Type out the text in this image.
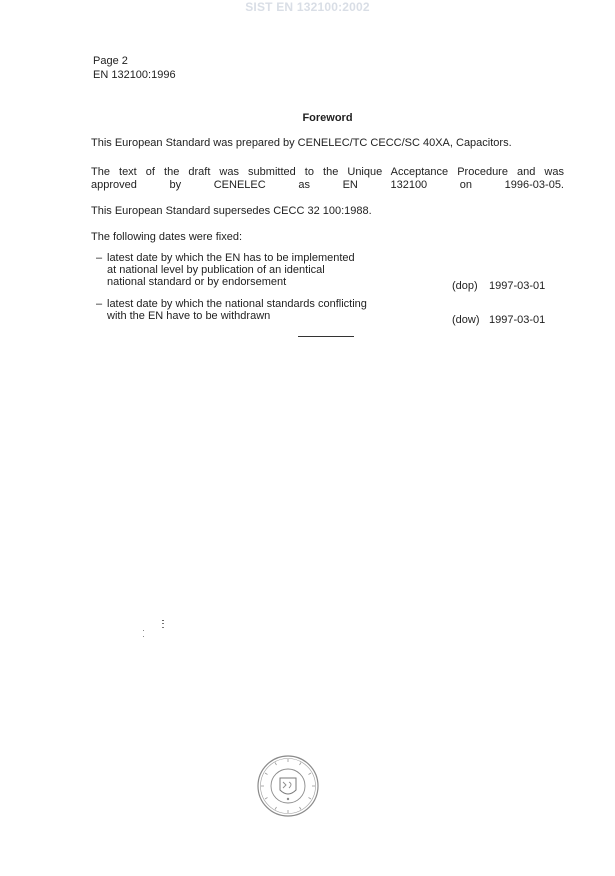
SIST EN 132100:2002
Page 2
EN 132100:1996
Foreword
This European Standard was prepared by CENELEC/TC CECC/SC 40XA, Capacitors.
The text of the draft was submitted to the Unique Acceptance Procedure and was
approved by CENELEC as EN 132100 on 1996-03-05.
This European Standard supersedes CECC 32 100:1988.
The following dates were fixed:
– latest date by which the EN has to be implemented
at national level by publication of an identical
national standard or by endorsement	(dop) 1997-03-01
– latest date by which the national standards conflicting
with the EN have to be withdrawn	(dow) 1997-03-01
